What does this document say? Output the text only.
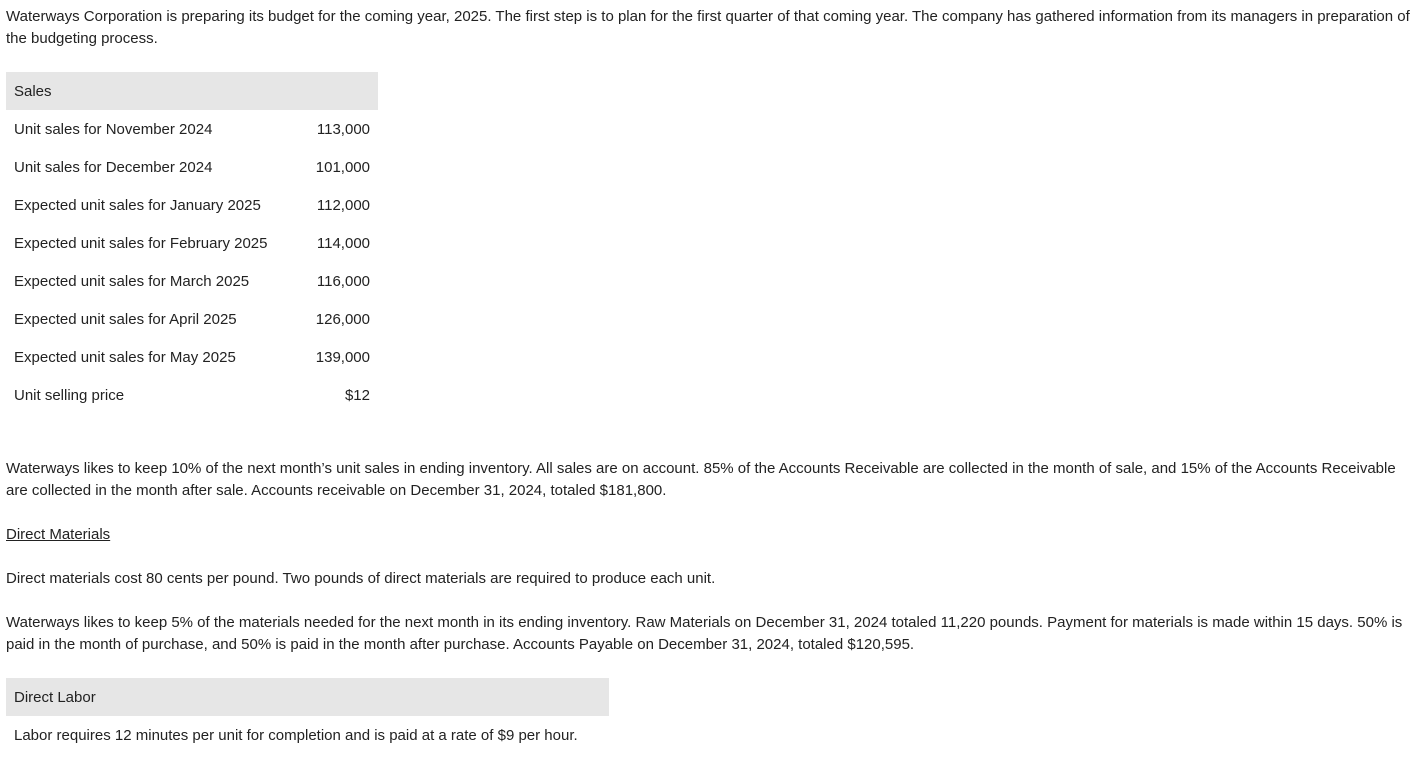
Waterways Corporation is preparing its budget for the coming year, 2025. The first step is to plan for the first quarter of that coming year. The company has gathered information from its managers in preparation of the budgeting process.

Sales	
Unit sales for November 2024	113,000
Unit sales for December 2024	101,000
Expected unit sales for January 2025	112,000
Expected unit sales for February 2025	114,000
Expected unit sales for March 2025	116,000
Expected unit sales for April 2025	126,000
Expected unit sales for May 2025	139,000
Unit selling price	$12

Waterways likes to keep 10% of the next month’s unit sales in ending inventory. All sales are on account. 85% of the Accounts Receivable are collected in the month of sale, and 15% of the Accounts Receivable are collected in the month after sale. Accounts receivable on December 31, 2024, totaled $181,800.

Direct Materials

Direct materials cost 80 cents per pound. Two pounds of direct materials are required to produce each unit.

Waterways likes to keep 5% of the materials needed for the next month in its ending inventory. Raw Materials on December 31, 2024 totaled 11,220 pounds. Payment for materials is made within 15 days. 50% is paid in the month of purchase, and 50% is paid in the month after purchase. Accounts Payable on December 31, 2024, totaled $120,595.

Direct Labor
Labor requires 12 minutes per unit for completion and is paid at a rate of $9 per hour.
